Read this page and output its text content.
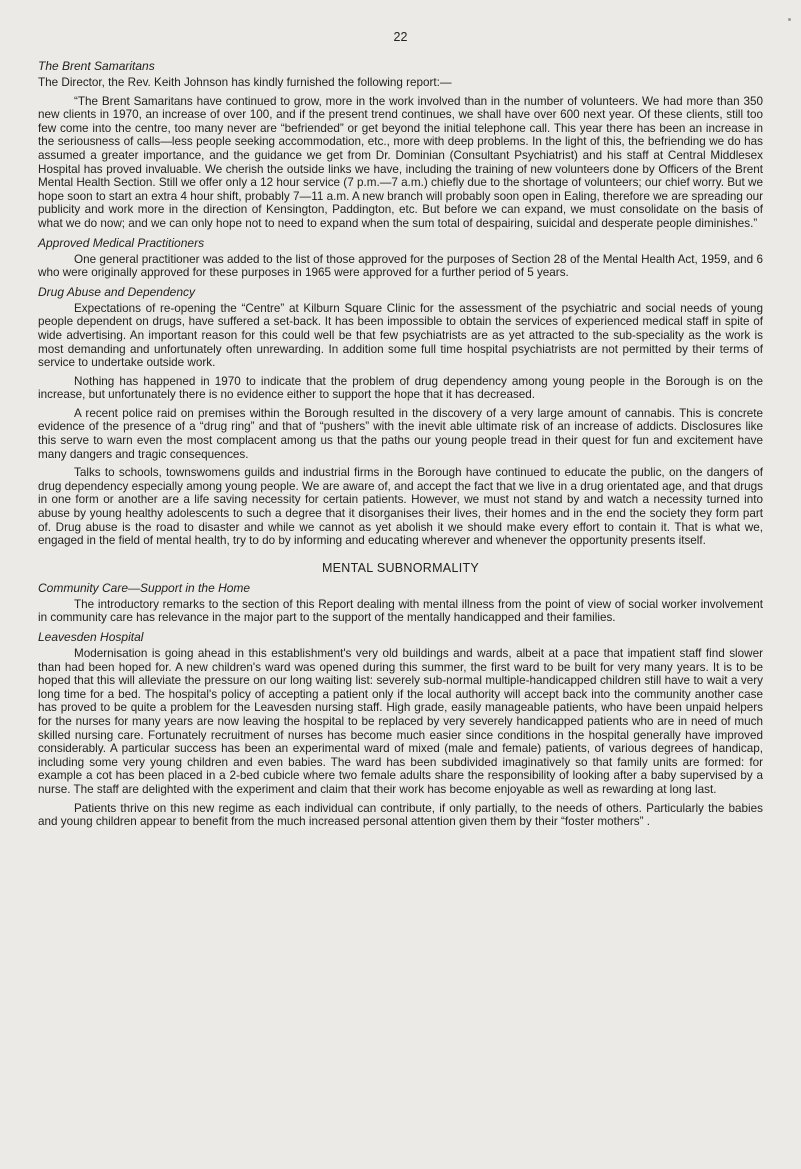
22
The Brent Samaritans

The Director, the Rev. Keith Johnson has kindly furnished the following report:—

“The Brent Samaritans have continued to grow, more in the work involved than in the number of volunteers. We had more than 350 new clients in 1970, an increase of over 100, and if the present trend continues, we shall have over 600 next year. Of these clients, still too few come into the centre, too many never are “befriended” or get beyond the initial telephone call. This year there has been an increase in the seriousness of calls—less people seeking accommodation, etc., more with deep problems. In the light of this, the befriending we do has assumed a greater importance, and the guidance we get from Dr. Dominian (Consultant Psychiatrist) and his staff at Central Middlesex Hospital has proved invaluable. We cherish the outside links we have, including the training of new volunteers done by Officers of the Brent Mental Health Section. Still we offer only a 12 hour service (7 p.m.—7 a.m.) chiefly due to the shortage of volunteers; our chief worry. But we hope soon to start an extra 4 hour shift, probably 7—11 a.m. A new branch will probably soon open in Ealing, therefore we are spreading our publicity and work more in the direction of Kensington, Paddington, etc. But before we can expand, we must consolidate on the basis of what we do now; and we can only hope not to need to expand when the sum total of despairing, suicidal and desperate people diminishes.”

Approved Medical Practitioners

One general practitioner was added to the list of those approved for the purposes of Section 28 of the Mental Health Act, 1959, and 6 who were originally approved for these purposes in 1965 were approved for a further period of 5 years.

Drug Abuse and Dependency

Expectations of re-opening the “Centre” at Kilburn Square Clinic for the assessment of the psychiatric and social needs of young people dependent on drugs, have suffered a set-back. It has been impossible to obtain the services of experienced medical staff in spite of wide advertising. An important reason for this could well be that few psychiatrists are as yet attracted to the sub-speciality as the work is most demanding and unfortunately often unrewarding. In addition some full time hospital psychiatrists are not permitted by their terms of service to undertake outside work.

Nothing has happened in 1970 to indicate that the problem of drug dependency among young people in the Borough is on the increase, but unfortunately there is no evidence either to support the hope that it has decreased.

A recent police raid on premises within the Borough resulted in the discovery of a very large amount of cannabis. This is concrete evidence of the presence of a “drug ring” and that of “pushers” with the inevit able ultimate risk of an increase of addicts. Disclosures like this serve to warn even the most complacent among us that the paths our young people tread in their quest for fun and excitement have many dangers and tragic consequences.

Talks to schools, townswomens guilds and industrial firms in the Borough have continued to educate the public, on the dangers of drug dependency especially among young people. We are aware of, and accept the fact that we live in a drug orientated age, and that drugs in one form or another are a life saving necessity for certain patients. However, we must not stand by and watch a necessity turned into abuse by young healthy adolescents to such a degree that it disorganises their lives, their homes and in the end the society they form part of. Drug abuse is the road to disaster and while we cannot as yet abolish it we should make every effort to contain it. That is what we, engaged in the field of mental health, try to do by informing and educating wherever and whenever the opportunity presents itself.

MENTAL SUBNORMALITY
Community Care—Support in the Home

The introductory remarks to the section of this Report dealing with mental illness from the point of view of social worker involvement in community care has relevance in the major part to the support of the mentally handicapped and their families.

Leavesden Hospital

Modernisation is going ahead in this establishment's very old buildings and wards, albeit at a pace that impatient staff find slower than had been hoped for. A new children's ward was opened during this summer, the first ward to be built for very many years. It is to be hoped that this will alleviate the pressure on our long waiting list: severely sub-normal multiple-handicapped children still have to wait a very long time for a bed. The hospital's policy of accepting a patient only if the local authority will accept back into the community another case has proved to be quite a problem for the Leavesden nursing staff. High grade, easily manageable patients, who have been unpaid helpers for the nurses for many years are now leaving the hospital to be replaced by very severely handicapped patients who are in need of much skilled nursing care. Fortunately recruitment of nurses has become much easier since conditions in the hospital generally have improved considerably. A particular success has been an experimental ward of mixed (male and female) patients, of various degrees of handicap, including some very young children and even babies. The ward has been subdivided imaginatively so that family units are formed: for example a cot has been placed in a 2-bed cubicle where two female adults share the responsibility of looking after a baby supervised by a nurse. The staff are delighted with the experiment and claim that their work has become enjoyable as well as rewarding at long last.

Patients thrive on this new regime as each individual can contribute, if only partially, to the needs of others. Particularly the babies and young children appear to benefit from the much increased personal attention given them by their “foster mothers” .
